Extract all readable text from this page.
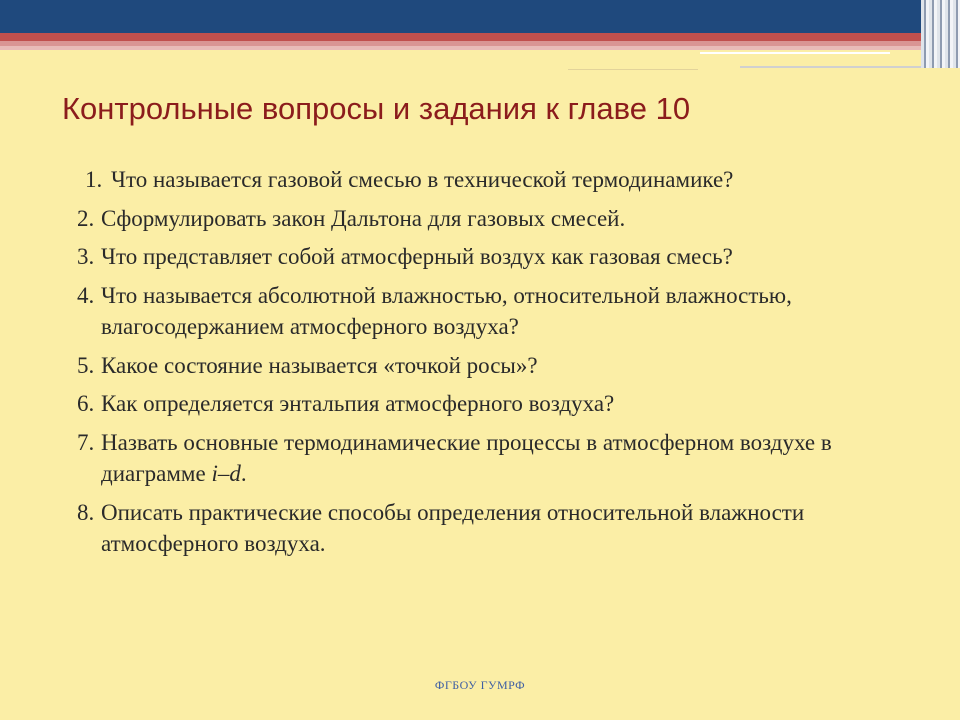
Контрольные вопросы и задания к главе 10
1. Что называется газовой смесью в технической термодинамике?
2. Сформулировать закон Дальтона для газовых смесей.
3. Что представляет собой атмосферный воздух как газовая смесь?
4. Что называется абсолютной влажностью, относительной влажностью, влагосодержанием атмосферного воздуха?
5. Какое состояние называется «точкой росы»?
6. Как определяется энтальпия атмосферного воздуха?
7. Назвать основные термодинамические процессы в атмосферном воздухе в диаграмме i–d.
8. Описать практические способы определения относительной влажности атмосферного воздуха.
ФГБОУ ГУМРФ
